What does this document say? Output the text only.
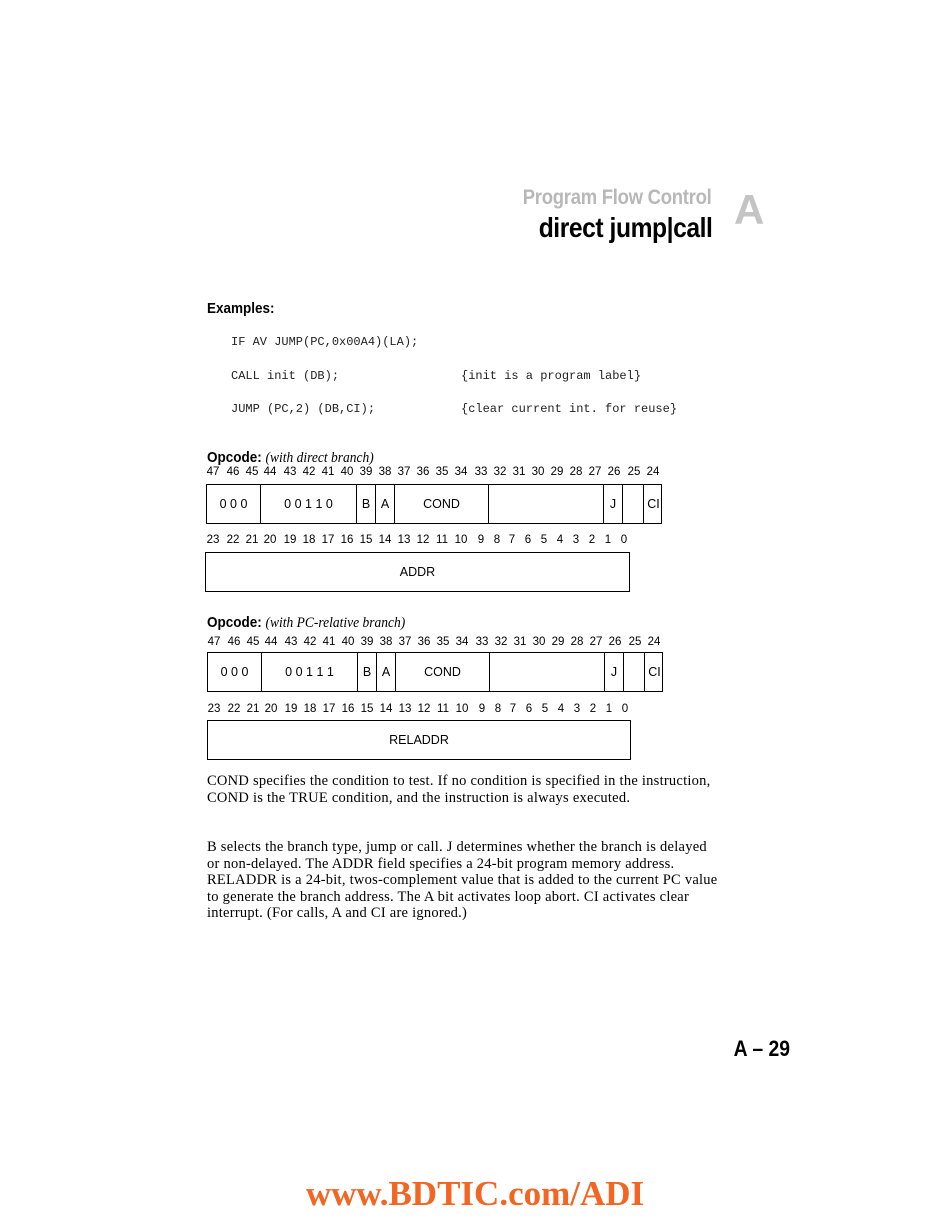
Program Flow Control
direct jump|call A
Examples:
IF AV JUMP(PC,0x00A4)(LA);
CALL init (DB);	{init is a program label}
JUMP (PC,2) (DB,CI);	{clear current int. for reuse}
Opcode: (with direct branch)
47 46 45 44 43 42 41 40 39 38 37 36 35 34 33 32 31 30 29 28 27 26 25 24
0 0 0	0 0 1 1 0	B A	COND	J	CI
23 22 21 20 19 18 17 16 15 14 13 12 11 10 9 8 7 6 5 4 3 2 1 0
ADDR
Opcode: (with PC-relative branch)
47 46 45 44 43 42 41 40 39 38 37 36 35 34 33 32 31 30 29 28 27 26 25 24
0 0 0	0 0 1 1 1	B A	COND	J	CI
23 22 21 20 19 18 17 16 15 14 13 12 11 10 9 8 7 6 5 4 3 2 1 0
RELADDR
COND specifies the condition to test. If no condition is specified in the instruction, COND is the TRUE condition, and the instruction is always executed.
B selects the branch type, jump or call. J determines whether the branch is delayed or non-delayed. The ADDR field specifies a 24-bit program memory address. RELADDR is a 24-bit, twos-complement value that is added to the current PC value to generate the branch address. The A bit activates loop abort. CI activates clear interrupt. (For calls, A and CI are ignored.)
A – 29
www.BDTIC.com/ADI
